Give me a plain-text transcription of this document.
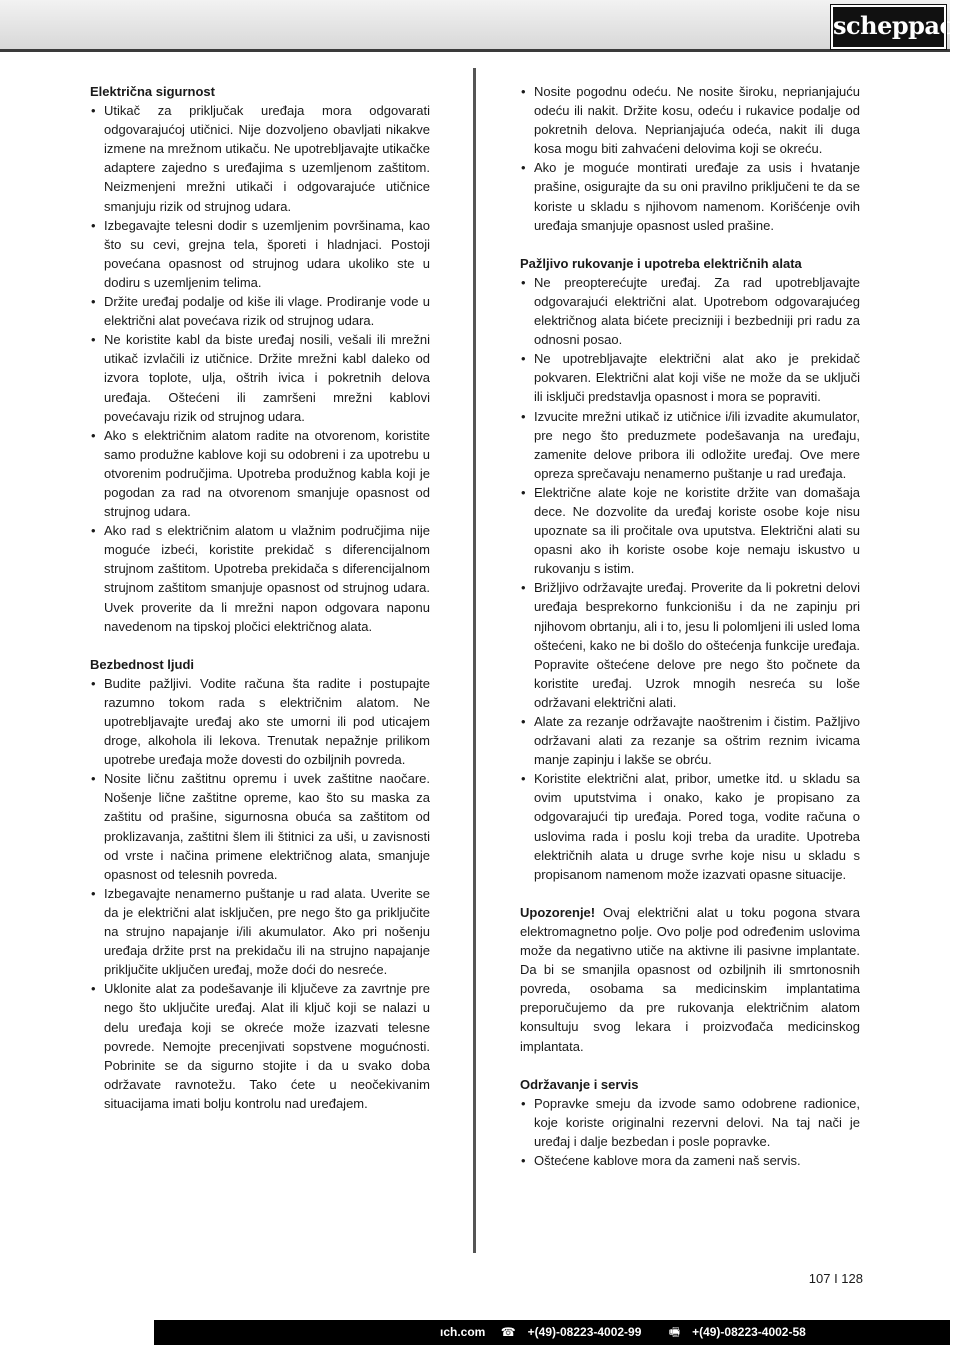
scheppach
Električna sigurnost
• Utikač za priključak uređaja mora odgovarati odgovarajućoj utičnici. Nije dozvoljeno obavljati nikakve izmene na mrežnom utikaču. Ne upotrebljavajte utikačke adaptere zajedno s uređajima s uzemljenom zaštitom. Neizmenjeni mrežni utikači i odgovarajuće utičnice smanjuju rizik od strujnog udara.
• Izbegavajte telesni dodir s uzemljenim površinama, kao što su cevi, grejna tela, šporeti i hladnjaci. Postoji povećana opasnost od strujnog udara ukoliko ste u dodiru s uzemljenim telima.
• Držite uređaj podalje od kiše ili vlage. Prodiranje vode u električni alat povećava rizik od strujnog udara.
• Ne koristite kabl da biste uređaj nosili, vešali ili mrežni utikač izvlačili iz utičnice. Držite mrežni kabl daleko od izvora toplote, ulja, oštrih ivica i pokretnih delova uređaja. Oštećeni ili zamršeni mrežni kablovi povećavaju rizik od strujnog udara.
• Ako s električnim alatom radite na otvorenom, koristite samo produžne kablove koji su odobreni i za upotrebu u otvorenim područjima. Upotreba produžnog kabla koji je pogodan za rad na otvorenom smanjuje opasnost od strujnog udara.
• Ako rad s električnim alatom u vlažnim područjima nije moguće izbeći, koristite prekidač s diferencijalnom strujnom zaštitom. Upotreba prekidača s diferencijalnom strujnom zaštitom smanjuje opasnost od strujnog udara. Uvek proverite da li mrežni napon odgovara naponu navedenom na tipskoj pločici električnog alata.
Bezbednost ljudi
• Budite pažljivi. Vodite računa šta radite i postupajte razumno tokom rada s električnim alatom. Ne upotrebljavajte uređaj ako ste umorni ili pod uticajem droge, alkohola ili lekova. Trenutak nepažnje prilikom upotrebe uređaja može dovesti do ozbiljnih povreda.
• Nosite ličnu zaštitnu opremu i uvek zaštitne naočare. Nošenje lične zaštitne opreme, kao što su maska za zaštitu od prašine, sigurnosna obuća sa zaštitom od proklizavanja, zaštitni šlem ili štitnici za uši, u zavisnosti od vrste i načina primene električnog alata, smanjuje opasnost od telesnih povreda.
• Izbegavajte nenamerno puštanje u rad alata. Uverite se da je električni alat isključen, pre nego što ga priključite na strujno napajanje i/ili akumulator. Ako pri nošenju uređaja držite prst na prekidaču ili na strujno napajanje priključite uključen uređaj, može doći do nesreće.
• Uklonite alat za podešavanje ili ključeve za zavrtnje pre nego što uključite uređaj. Alat ili ključ koji se nalazi u delu uređaja koji se okreće može izazvati telesne povrede. Nemojte precenjivati sopstvene mogućnosti. Pobrinite se da sigurno stojite i da u svako doba održavate ravnotežu. Tako ćete u neočekivanim situacijama imati bolju kontrolu nad uređajem.
• Nosite pogodnu odeću. Ne nosite široku, neprianjajuću odeću ili nakit. Držite kosu, odeću i rukavice podalje od pokretnih delova. Neprianjajuća odeća, nakit ili duga kosa mogu biti zahvaćeni delovima koji se okreću.
• Ako je moguće montirati uređaje za usis i hvatanje prašine, osigurajte da su oni pravilno priključeni te da se koriste u skladu s njihovom namenom. Korišćenje ovih uređaja smanjuje opasnost usled prašine.
Pažljivo rukovanje i upotreba električnih alata
• Ne preopterećujte uređaj. Za rad upotrebljavajte odgovarajući električni alat. Upotrebom odgovarajućeg električnog alata bićete precizniji i bezbedniji pri radu za odnosni posao.
• Ne upotrebljavajte električni alat ako je prekidač pokvaren. Električni alat koji više ne može da se uključi ili isključi predstavlja opasnost i mora se popraviti.
• Izvucite mrežni utikač iz utičnice i/ili izvadite akumulator, pre nego što preduzmete podešavanja na uređaju, zamenite delove pribora ili odložite uređaj. Ove mere opreza sprečavaju nenamerno puštanje u rad uređaja.
• Električne alate koje ne koristite držite van domašaja dece. Ne dozvolite da uređaj koriste osobe koje nisu upoznate sa ili pročitale ova uputstva. Električni alati su opasni ako ih koriste osobe koje nemaju iskustvo u rukovanju s istim.
• Brižljivo održavajte uređaj. Proverite da li pokretni delovi uređaja besprekorno funkcionišu i da ne zapinju pri njihovom obrtanju, ali i to, jesu li polomljeni ili usled loma oštećeni, kako ne bi došlo do oštećenja funkcije uređaja. Popravite oštećene delove pre nego što počnete da koristite uređaj. Uzrok mnogih nesreća su loše održavani električni alati.
• Alate za rezanje održavajte naoštrenim i čistim. Pažljivo održavani alati za rezanje sa oštrim reznim ivicama manje zapinju i lakše se obrću.
• Koristite električni alat, pribor, umetke itd. u skladu sa ovim uputstvima i onako, kako je propisano za odgovarajući tip uređaja. Pored toga, vodite računa o uslovima rada i poslu koji treba da uradite. Upotreba električnih alata u druge svrhe koje nisu u skladu s propisanom namenom može izazvati opasne situacije.

Upozorenje! Ovaj električni alat u toku pogona stvara elektromagnetno polje. Ovo polje pod određenim uslovima može da negativno utiče na aktivne ili pasivne implantate. Da bi se smanjila opasnost od ozbiljnih ili smrtonosnih povreda, osobama sa medicinskim implantatima preporučujemo da pre rukovanja električnim alatom konsultuju svog lekara i proizvođača medicinskog implantata.

Održavanje i servis
• Popravke smeju da izvode samo odobrene radionice, koje koriste originalni rezervni delovi. Na taj nači je uređaj i dalje bezbedan i posle popravke.
• Oštećene kablove mora da zameni naš servis.
107 I 128
ıch.com ☎ +(49)-08223-4002-99 🖷 +(49)-08223-4002-58
